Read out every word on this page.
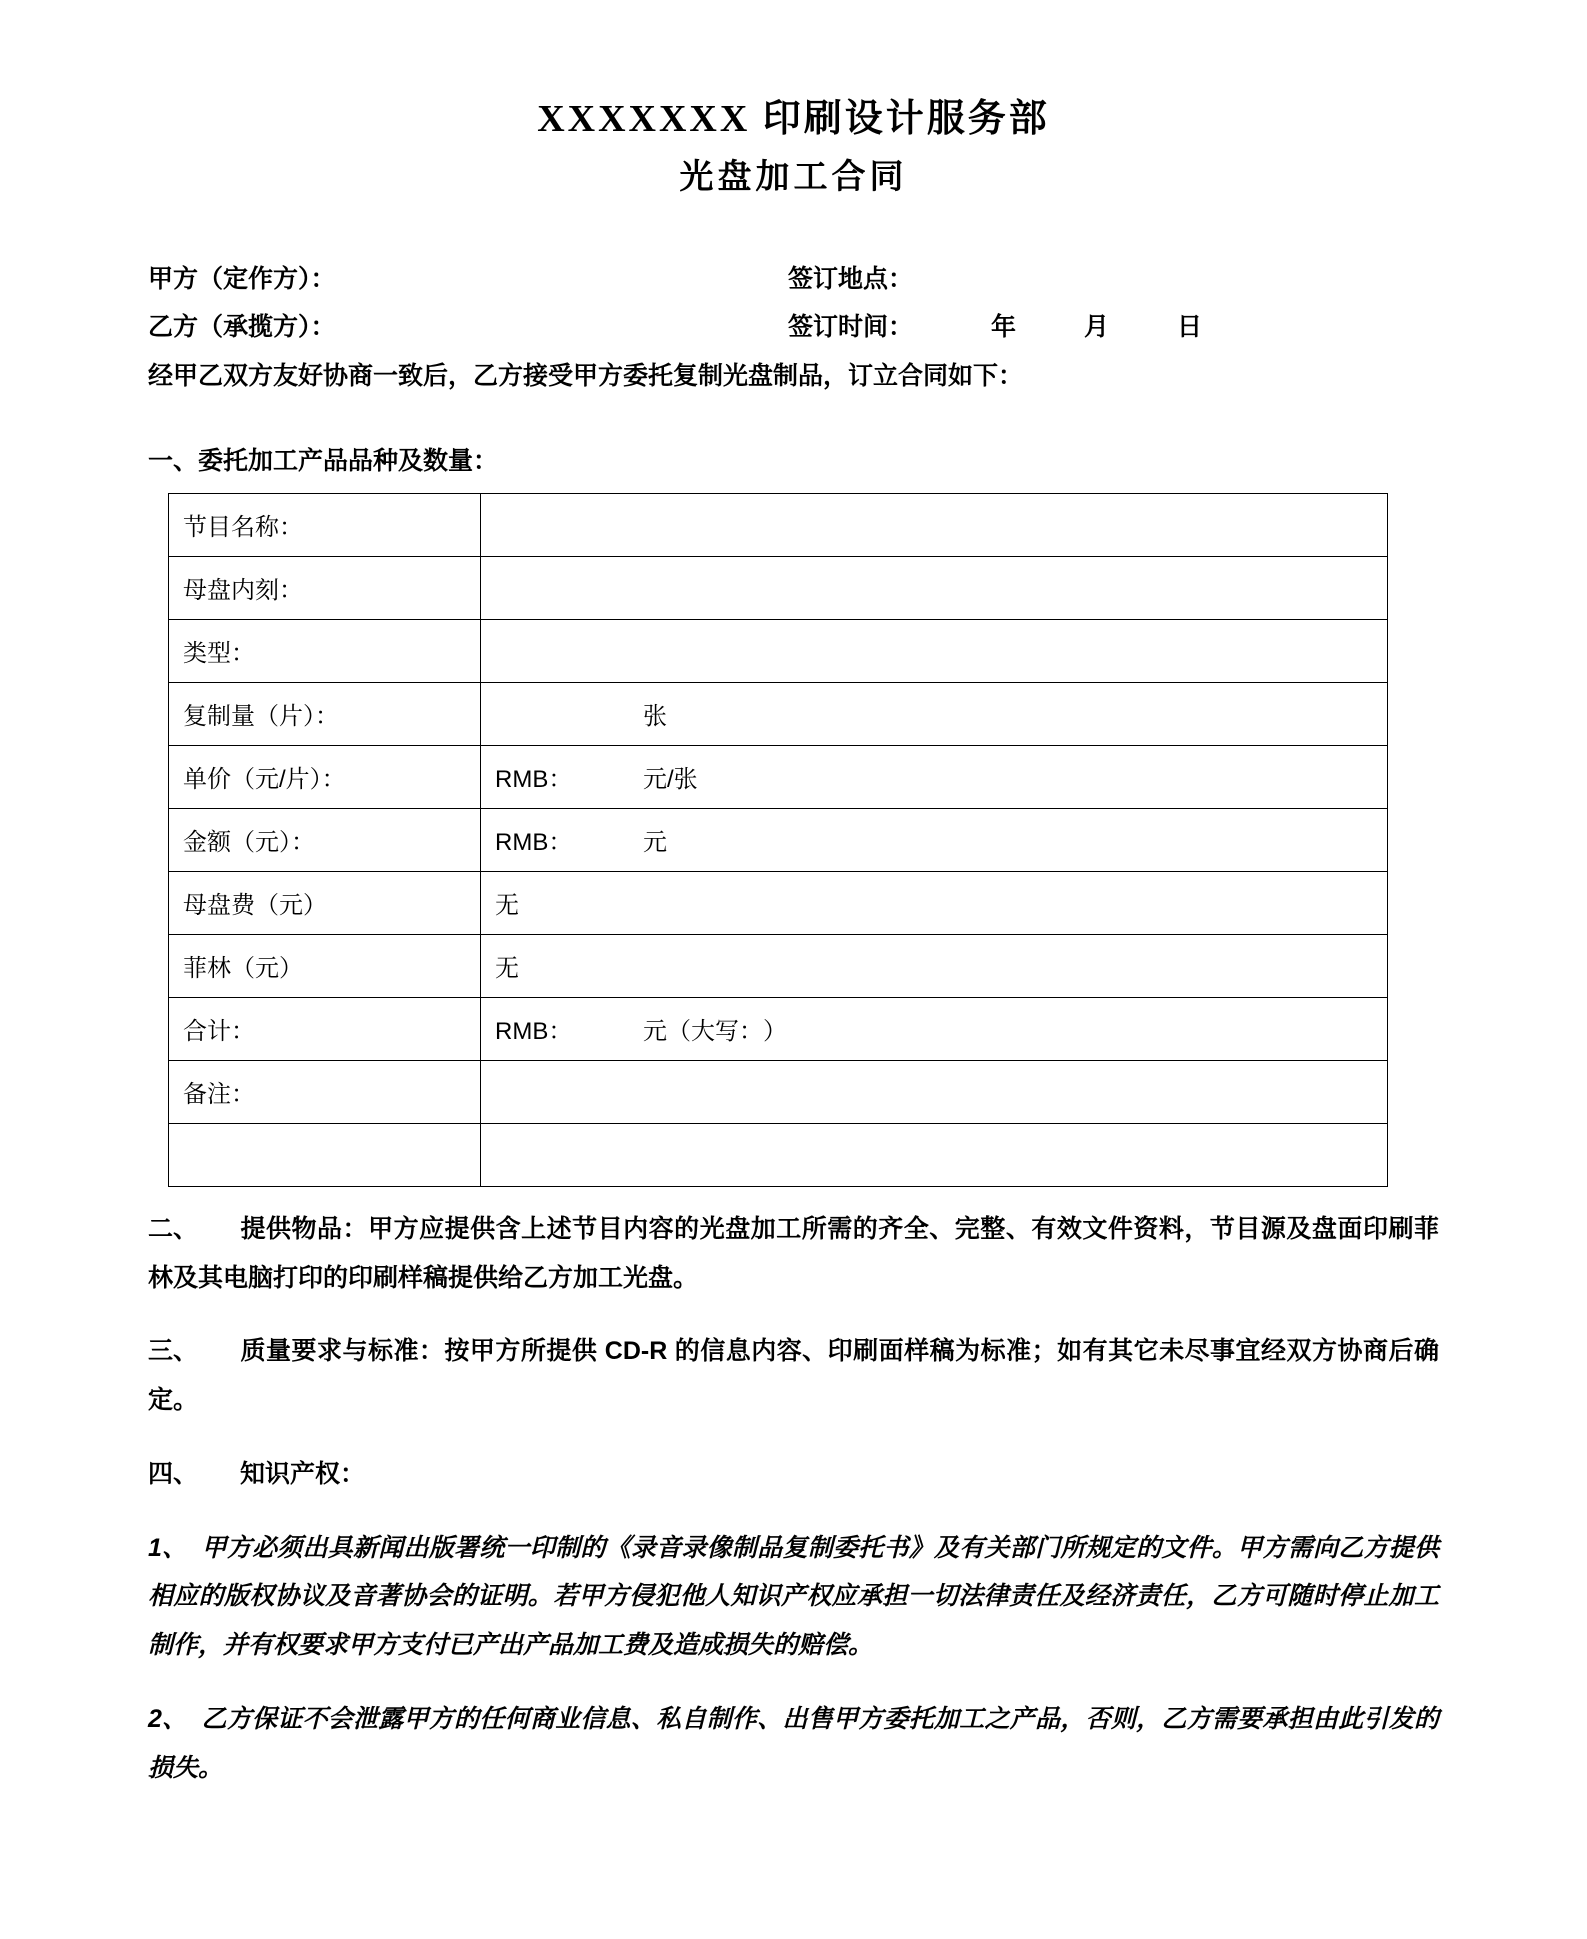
XXXXXXX 印刷设计服务部
光盘加工合同
甲方（定作方）：	签订地点：
乙方（承揽方）：	签订时间：	年	月	日
经甲乙双方友好协商一致后，乙方接受甲方委托复制光盘制品，订立合同如下：
一、委托加工产品品种及数量：
节目名称：	

母盘内刻：	

类型：	

复制量（片）：	张

单价（元/片）：	RMB： 元/张

金额（元）：	RMB： 元

母盘费（元）	无

菲林（元）	无

合计：	RMB： 元（大写： ）

备注：	

二、 提供物品：甲方应提供含上述节目内容的光盘加工所需的齐全、完整、有效文件资料，节目源及盘面印刷菲林及其电脑打印的印刷样稿提供给乙方加工光盘。

三、 质量要求与标准：按甲方所提供 CD-R 的信息内容、印刷面样稿为标准；如有其它未尽事宜经双方协商后确定。

四、 知识产权：

1、 甲方必须出具新闻出版署统一印制的《录音录像制品复制委托书》及有关部门所规定的文件。甲方需向乙方提供相应的版权协议及音著协会的证明。若甲方侵犯他人知识产权应承担一切法律责任及经济责任，乙方可随时停止加工制作，并有权要求甲方支付已产出产品加工费及造成损失的赔偿。

2、 乙方保证不会泄露甲方的任何商业信息、私自制作、出售甲方委托加工之产品，否则，乙方需要承担由此引发的损失。
